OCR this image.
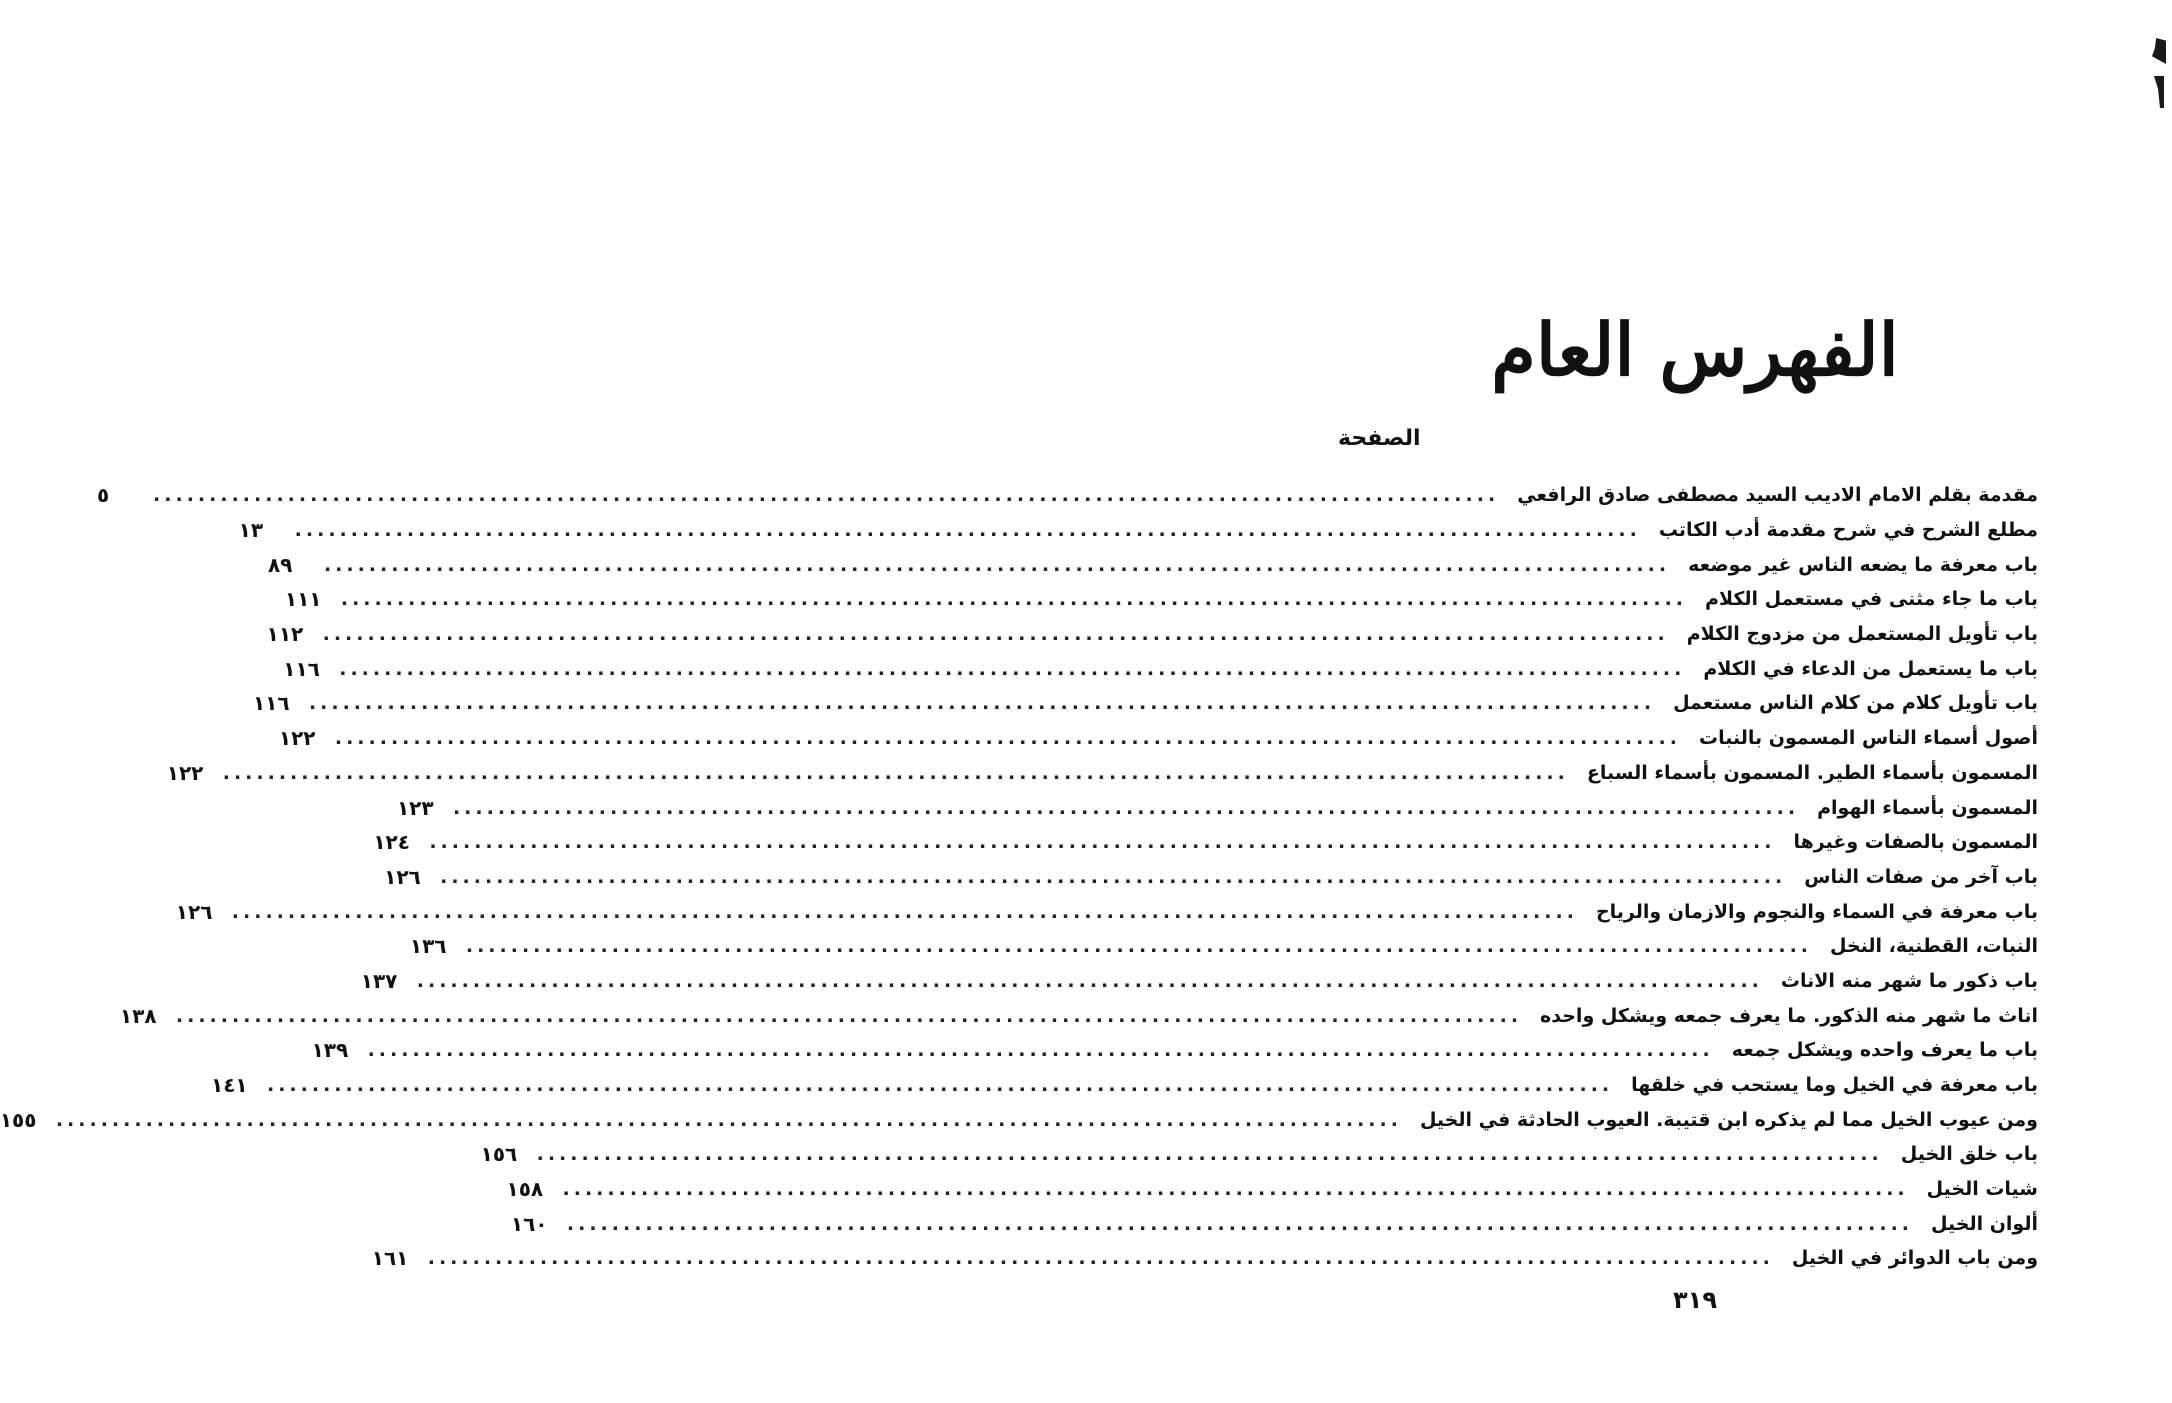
الفهرس العام
الصفحة
مقدمة بقلم الامام الاديب السيد مصطفى صادق الرافعي
........................................................................................................................
٥
مطلع الشرح في شرح مقدمة أدب الكاتب
........................................................................................................................
١٣
باب معرفة ما يضعه الناس غير موضعه
........................................................................................................................
٨٩
باب ما جاء مثنى في مستعمل الكلام
........................................................................................................................
١١١
باب تأويل المستعمل من مزدوج الكلام
........................................................................................................................
١١٢
باب ما يستعمل من الدعاء في الكلام
........................................................................................................................
١١٦
باب تأويل كلام من كلام الناس مستعمل
........................................................................................................................
١١٦
أصول أسماء الناس المسمون بالنبات
........................................................................................................................
١٢٢
المسمون بأسماء الطير. المسمون بأسماء السباع
........................................................................................................................
١٢٢
المسمون بأسماء الهوام
........................................................................................................................
١٢٣
المسمون بالصفات وغيرها
........................................................................................................................
١٢٤
باب آخر من صفات الناس
........................................................................................................................
١٢٦
باب معرفة في السماء والنجوم والازمان والرياح
........................................................................................................................
١٢٦
النبات، القطنية، النخل
........................................................................................................................
١٣٦
باب ذكور ما شهر منه الاناث
........................................................................................................................
١٣٧
اناث ما شهر منه الذكور. ما يعرف جمعه ويشكل واحده
........................................................................................................................
١٣٨
باب ما يعرف واحده ويشكل جمعه
........................................................................................................................
١٣٩
باب معرفة في الخيل وما يستحب في خلقها
........................................................................................................................
١٤١
ومن عيوب الخيل مما لم يذكره ابن قتيبة. العيوب الحادثة في الخيل
........................................................................................................................
١٥٥
باب خلق الخيل
........................................................................................................................
١٥٦
شيات الخيل
........................................................................................................................
١٥٨
ألوان الخيل
........................................................................................................................
١٦٠
ومن باب الدوائر في الخيل
........................................................................................................................
١٦١
٣١٩
